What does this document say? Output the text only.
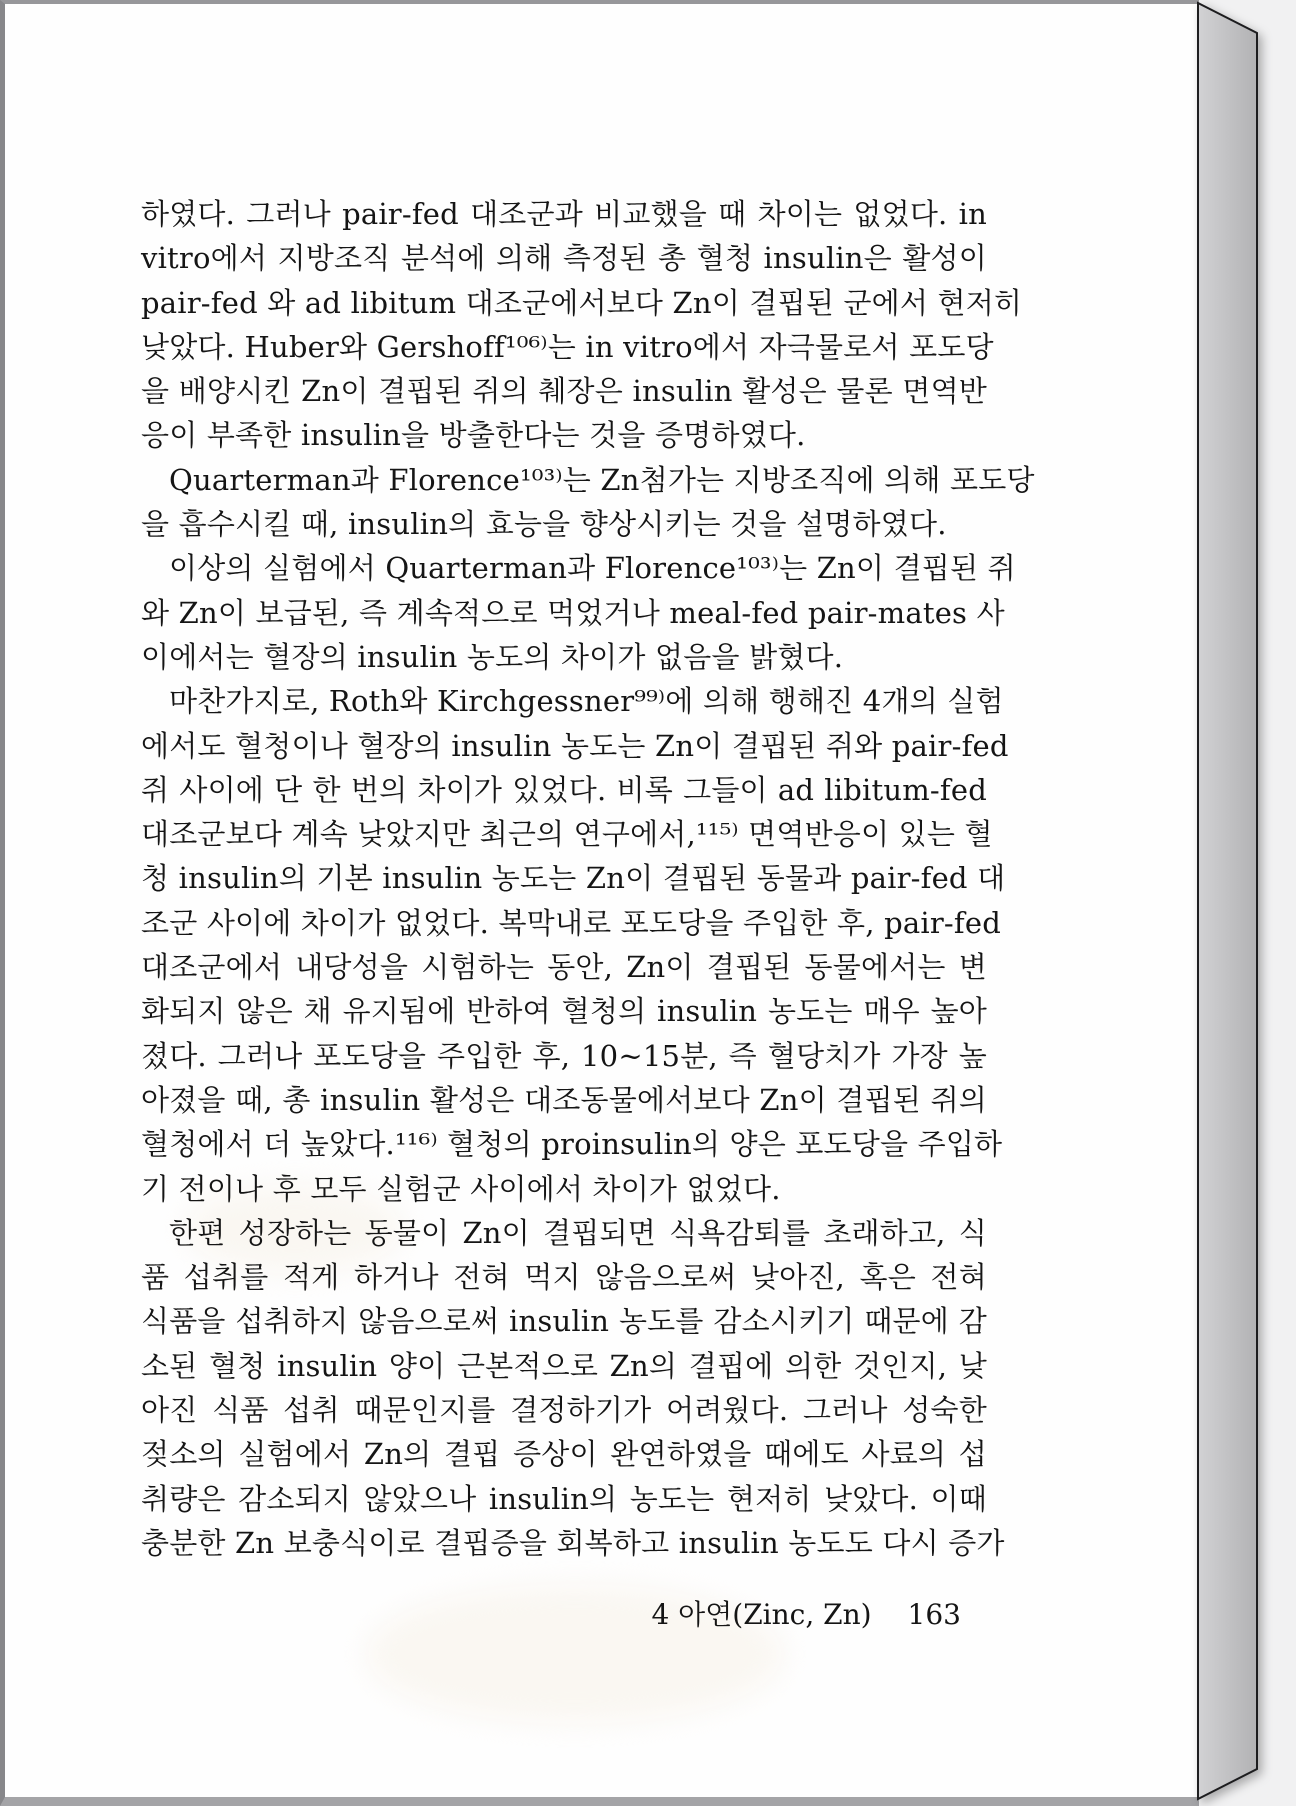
하였다. 그러나 pair-fed 대조군과 비교했을 때 차이는 없었다. in
vitro에서 지방조직 분석에 의해 측정된 총 혈청 insulin은 활성이
pair-fed 와 ad libitum 대조군에서보다 Zn이 결핍된 군에서 현저히
낮았다. Huber와 Gershoff¹⁰⁶⁾는 in vitro에서 자극물로서 포도당
을 배양시킨 Zn이 결핍된 쥐의 췌장은 insulin 활성은 물론 면역반
응이 부족한 insulin을 방출한다는 것을 증명하였다.
Quarterman과 Florence¹⁰³⁾는 Zn첨가는 지방조직에 의해 포도당
을 흡수시킬 때, insulin의 효능을 향상시키는 것을 설명하였다.
이상의 실험에서 Quarterman과 Florence¹⁰³⁾는 Zn이 결핍된 쥐
와 Zn이 보급된, 즉 계속적으로 먹었거나 meal-fed pair-mates 사
이에서는 혈장의 insulin 농도의 차이가 없음을 밝혔다.
마찬가지로, Roth와 Kirchgessner⁹⁹⁾에 의해 행해진 4개의 실험
에서도 혈청이나 혈장의 insulin 농도는 Zn이 결핍된 쥐와 pair-fed
쥐 사이에 단 한 번의 차이가 있었다. 비록 그들이 ad libitum-fed
대조군보다 계속 낮았지만 최근의 연구에서,¹¹⁵⁾ 면역반응이 있는 혈
청 insulin의 기본 insulin 농도는 Zn이 결핍된 동물과 pair-fed 대
조군 사이에 차이가 없었다. 복막내로 포도당을 주입한 후, pair-fed
대조군에서 내당성을 시험하는 동안, Zn이 결핍된 동물에서는 변
화되지 않은 채 유지됨에 반하여 혈청의 insulin 농도는 매우 높아
졌다. 그러나 포도당을 주입한 후, 10~15분, 즉 혈당치가 가장 높
아졌을 때, 총 insulin 활성은 대조동물에서보다 Zn이 결핍된 쥐의
혈청에서 더 높았다.¹¹⁶⁾ 혈청의 proinsulin의 양은 포도당을 주입하
기 전이나 후 모두 실험군 사이에서 차이가 없었다.
한편 성장하는 동물이 Zn이 결핍되면 식욕감퇴를 초래하고, 식
품 섭취를 적게 하거나 전혀 먹지 않음으로써 낮아진, 혹은 전혀
식품을 섭취하지 않음으로써 insulin 농도를 감소시키기 때문에 감
소된 혈청 insulin 양이 근본적으로 Zn의 결핍에 의한 것인지, 낮
아진 식품 섭취 때문인지를 결정하기가 어려웠다. 그러나 성숙한
젖소의 실험에서 Zn의 결핍 증상이 완연하였을 때에도 사료의 섭
취량은 감소되지 않았으나 insulin의 농도는 현저히 낮았다. 이때
충분한 Zn 보충식이로 결핍증을 회복하고 insulin 농도도 다시 증가
4 아연(Zinc, Zn) 163
